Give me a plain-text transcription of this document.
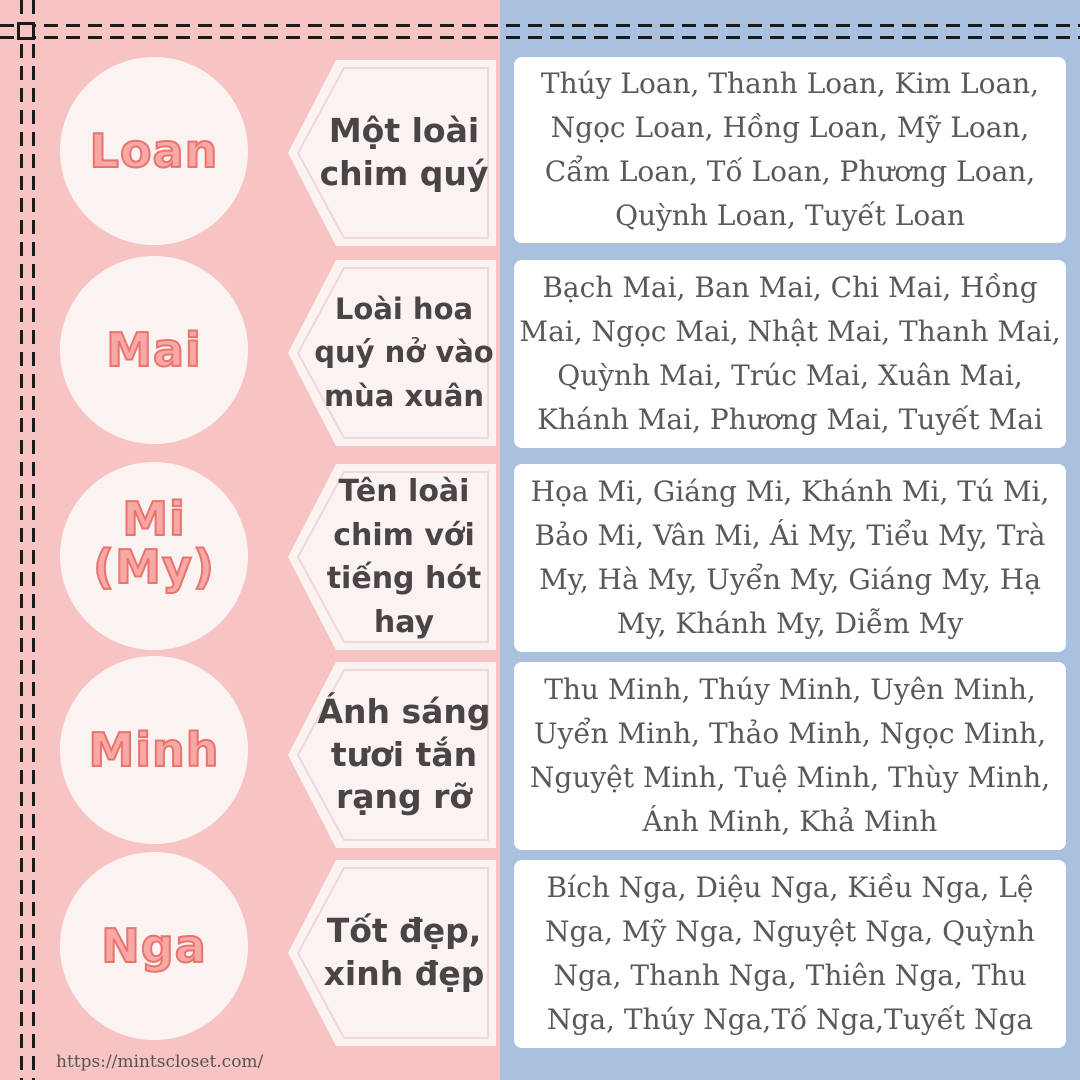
Loan	Một loài chim quý
Thúy Loan, Thanh Loan, Kim Loan, Ngọc Loan, Hồng Loan, Mỹ Loan, Cẩm Loan, Tố Loan, Phương Loan, Quỳnh Loan, Tuyết Loan
Mai
Loài hoa quý nở vào mùa xuân
Bạch Mai, Ban Mai, Chi Mai, Hồng Mai, Ngọc Mai, Nhật Mai, Thanh Mai, Quỳnh Mai, Trúc Mai, Xuân Mai, Khánh Mai, Phương Mai, Tuyết Mai
Mi (My)
Tên loài chim với tiếng hót hay
Họa Mi, Giáng Mi, Khánh Mi, Tú Mi, Bảo Mi, Vân Mi, Ái My, Tiểu My, Trà My, Hà My, Uyển My, Giáng My, Hạ My, Khánh My, Diễm My
Minh
Ánh sáng tươi tắn rạng rỡ
Thu Minh, Thúy Minh, Uyên Minh, Uyển Minh, Thảo Minh, Ngọc Minh, Nguyệt Minh, Tuệ Minh, Thùy Minh, Ánh Minh, Khả Minh
Nga	Tốt đẹp, xinh đẹp
Bích Nga, Diệu Nga, Kiều Nga, Lệ Nga, Mỹ Nga, Nguyệt Nga, Quỳnh Nga, Thanh Nga, Thiên Nga, Thu Nga, Thúy Nga,Tố Nga,Tuyết Nga
https://mintscloset.com/
